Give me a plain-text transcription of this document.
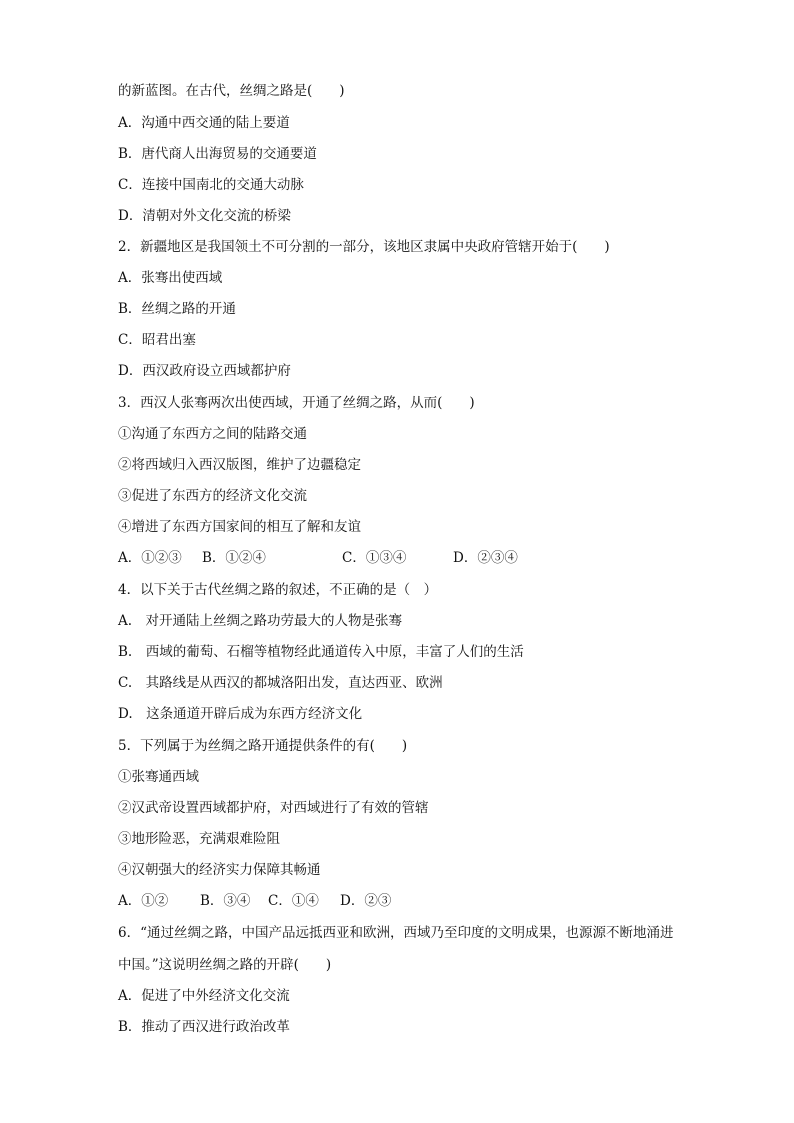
的新蓝图。在古代，丝绸之路是(　　)
A．沟通中西交通的陆上要道
B．唐代商人出海贸易的交通要道
C．连接中国南北的交通大动脉
D．清朝对外文化交流的桥梁
2．新疆地区是我国领土不可分割的一部分，该地区隶属中央政府管辖开始于(　　)
A．张骞出使西域
B．丝绸之路的开通
C．昭君出塞
D．西汉政府设立西域都护府
3．西汉人张骞两次出使西域，开通了丝绸之路，从而(　　)
①沟通了东西方之间的陆路交通
②将西域归入西汉版图，维护了边疆稳定
③促进了东西方的经济文化交流
④增进了东西方国家间的相互了解和友谊

A．①②③

B．①②④

	C．①③④

	D．②③④

4．以下关于古代丝绸之路的叙述，不正确的是（　）
A.　对开通陆上丝绸之路功劳最大的人物是张骞
B.　西域的葡萄、石榴等植物经此通道传入中原，丰富了人们的生活
C.　其路线是从西汉的都城洛阳出发，直达西亚、欧洲
D.　这条通道开辟后成为东西方经济文化
5．下列属于为丝绸之路开通提供条件的有(　　)
①张骞通西域
②汉武帝设置西域都护府，对西域进行了有效的管辖
③地形险恶，充满艰难险阻
④汉朝强大的经济实力保障其畅通

A．①②

B．③④

C．①④

D．②③

6．“通过丝绸之路，中国产品远抵西亚和欧洲，西域乃至印度的文明成果，也源源不断地涌进
中国。”这说明丝绸之路的开辟(　　)
A．促进了中外经济文化交流
B．推动了西汉进行政治改革
